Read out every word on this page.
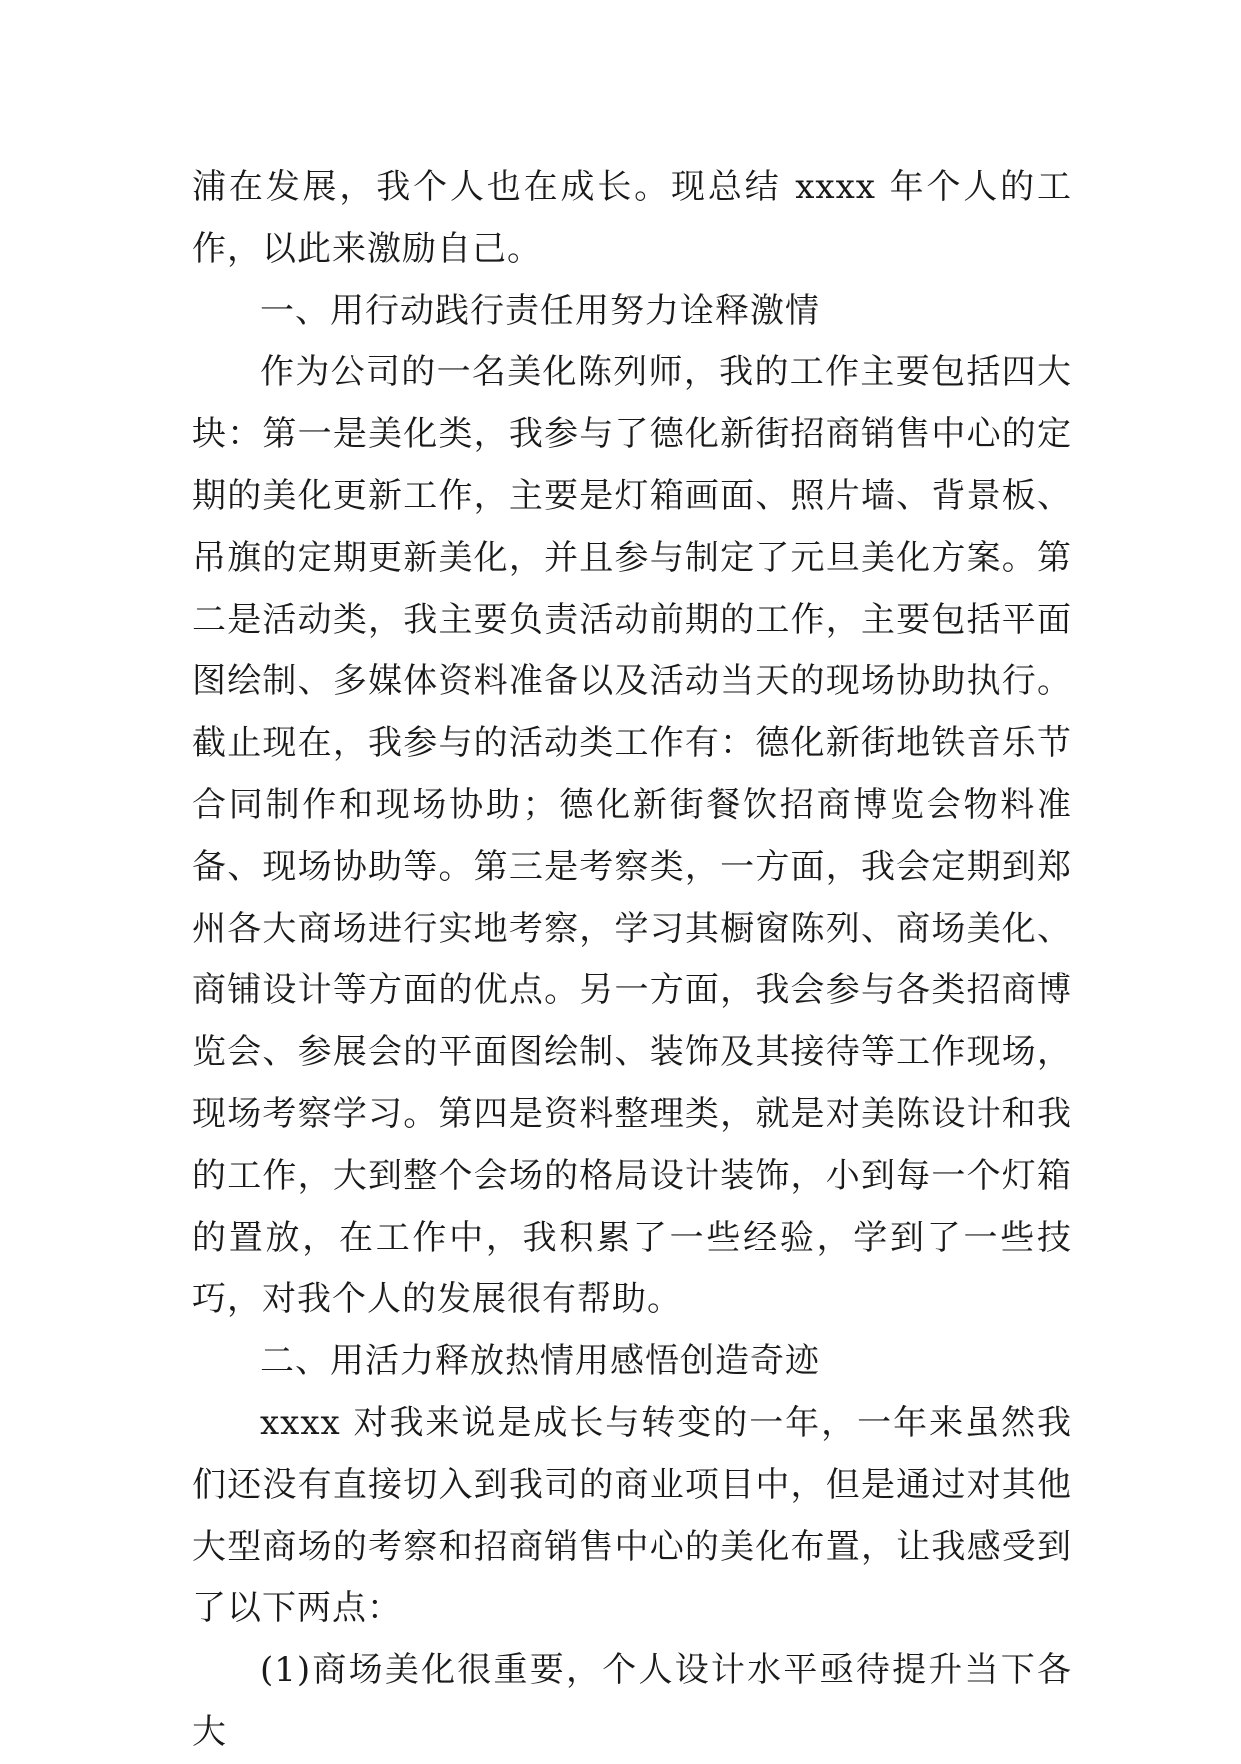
浦在发展，我个人也在成长。现总结 xxxx 年个人的工作，以此来激励自己。

一、用行动践行责任用努力诠释激情

作为公司的一名美化陈列师，我的工作主要包括四大块：第一是美化类，我参与了德化新街招商销售中心的定期的美化更新工作，主要是灯箱画面、照片墙、背景板、吊旗的定期更新美化，并且参与制定了元旦美化方案。第二是活动类，我主要负责活动前期的工作，主要包括平面图绘制、多媒体资料准备以及活动当天的现场协助执行。截止现在，我参与的活动类工作有：德化新街地铁音乐节合同制作和现场协助；德化新街餐饮招商博览会物料准备、现场协助等。第三是考察类，一方面，我会定期到郑州各大商场进行实地考察，学习其橱窗陈列、商场美化、商铺设计等方面的优点。另一方面，我会参与各类招商博览会、参展会的平面图绘制、装饰及其接待等工作现场，现场考察学习。第四是资料整理类，就是对美陈设计和我的工作，大到整个会场的格局设计装饰，小到每一个灯箱的置放，在工作中，我积累了一些经验，学到了一些技巧，对我个人的发展很有帮助。

二、用活力释放热情用感悟创造奇迹

xxxx 对我来说是成长与转变的一年，一年来虽然我们还没有直接切入到我司的商业项目中，但是通过对其他大型商场的考察和招商销售中心的美化布置，让我感受到了以下两点：

(1)商场美化很重要，个人设计水平亟待提升当下各大
